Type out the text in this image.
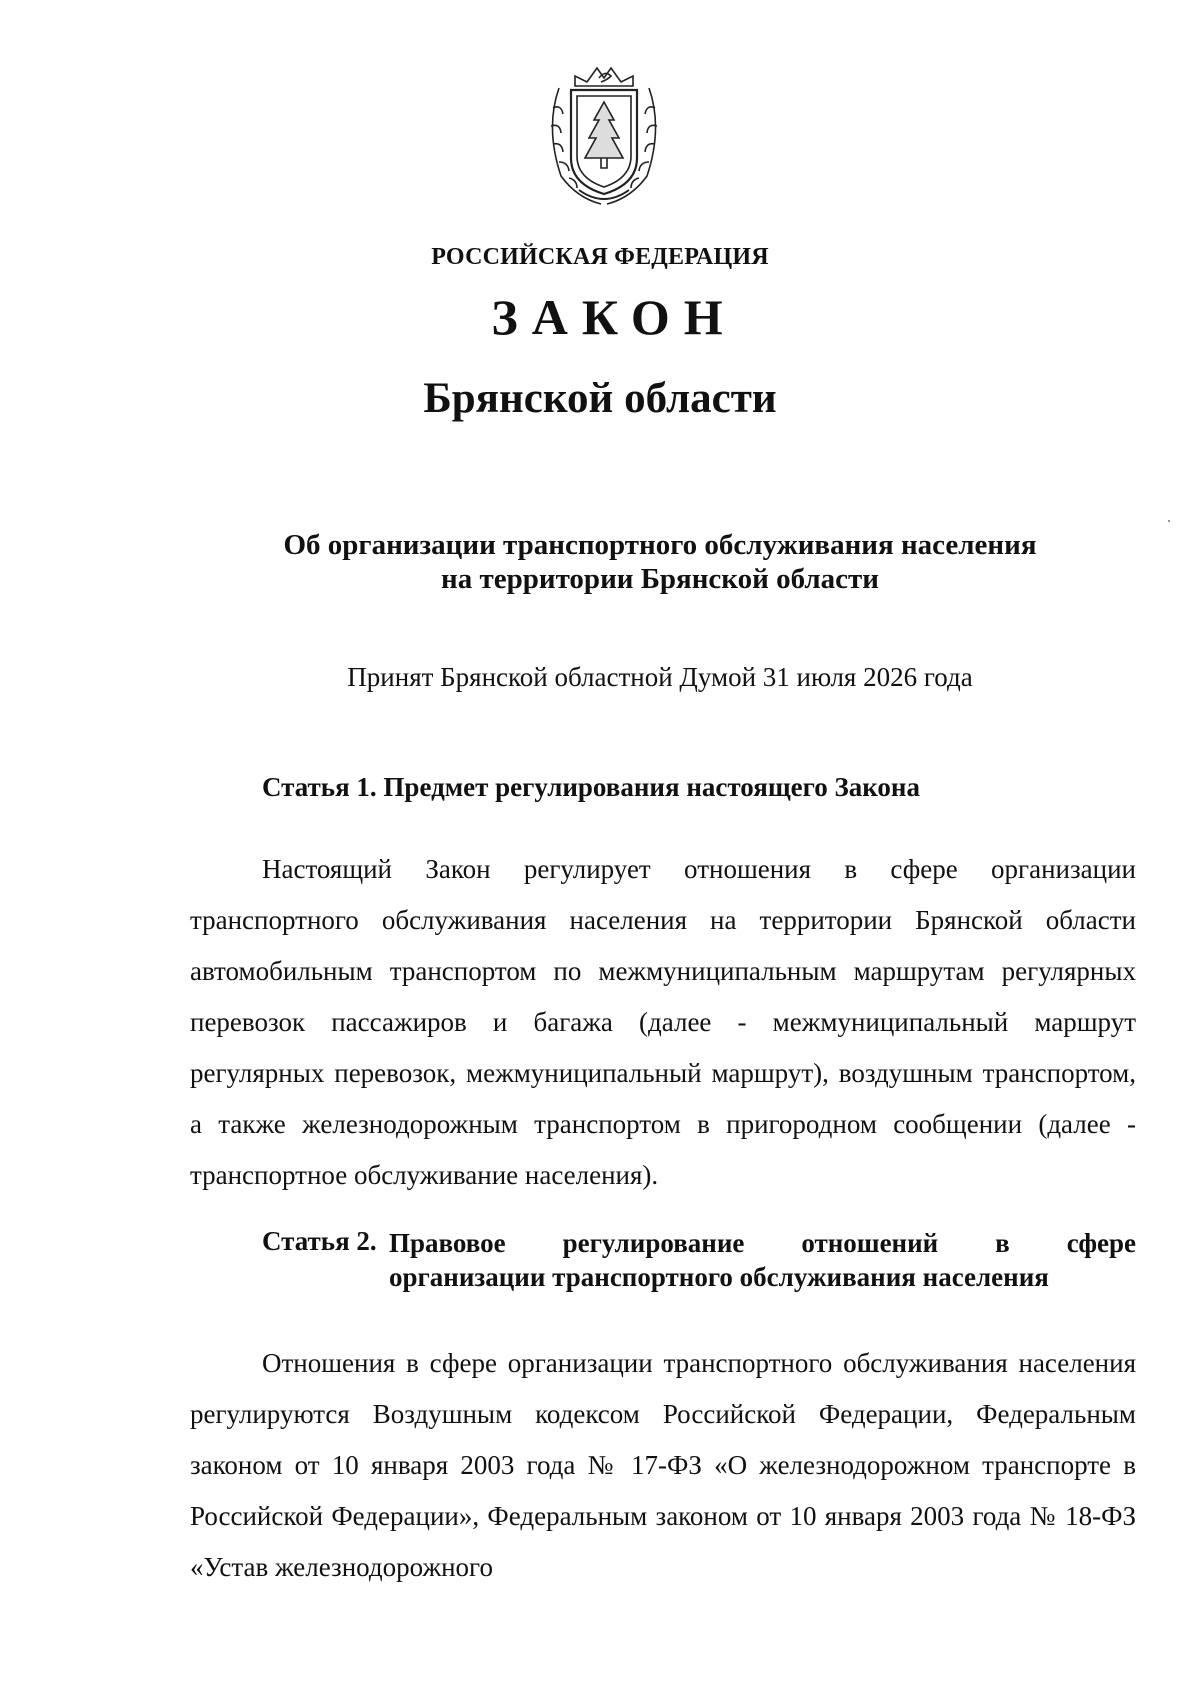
РОССИЙСКАЯ ФЕДЕРАЦИЯ
ЗАКОН
Брянской области
Об организации транспортного обслуживания населения
на территории Брянской области
Принят Брянской областной Думой 31 июля 2026 года
Статья 1. Предмет регулирования настоящего Закона
Настоящий Закон регулирует отношения в сфере организации транспортного обслуживания населения на территории Брянской области автомобильным транспортом по межмуниципальным маршрутам регулярных перевозок пассажиров и багажа (далее - межмуниципальный маршрут регулярных перевозок, межмуниципальный маршрут), воздушным транспортом, а также железнодорожным транспортом в пригородном сообщении (далее - транспортное обслуживание населения).
Статья 2. Правовое регулирование отношений в сфере
организации транспортного обслуживания населения
Отношения в сфере организации транспортного обслуживания населения регулируются Воздушным кодексом Российской Федерации, Федеральным законом от 10 января 2003 года № 17-ФЗ «О железнодорожном транспорте в Российской Федерации», Федеральным законом от 10 января 2003 года № 18-ФЗ «Устав железнодорожного
